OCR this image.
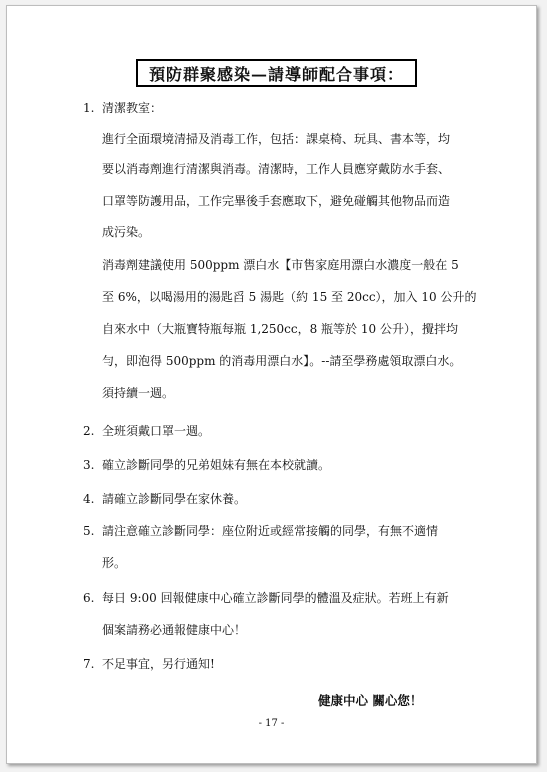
預防群聚感染—請導師配合事項：
1. 清潔教室：
進行全面環境清掃及消毒工作，包括：課桌椅、玩具、書本等，均
要以消毒劑進行清潔與消毒。清潔時，工作人員應穿戴防水手套、
口罩等防護用品，工作完畢後手套應取下，避免碰觸其他物品而造
成污染。
消毒劑建議使用 500ppm 漂白水【市售家庭用漂白水濃度一般在 5
至 6%，以喝湯用的湯匙舀 5 湯匙（約 15 至 20cc），加入 10 公升的
自來水中（大瓶寶特瓶每瓶 1,250cc，8 瓶等於 10 公升），攪拌均
勻，即泡得 500ppm 的消毒用漂白水】。--請至學務處領取漂白水。
須持續一週。
2. 全班須戴口罩一週。
3. 確立診斷同學的兄弟姐妹有無在本校就讀。
4. 請確立診斷同學在家休養。
5. 請注意確立診斷同學：座位附近或經常接觸的同學，有無不適情
形。
6. 每日 9:00 回報健康中心確立診斷同學的體溫及症狀。若班上有新
個案請務必通報健康中心！
7. 不足事宜，另行通知!
健康中心 關心您！
- 17 -
